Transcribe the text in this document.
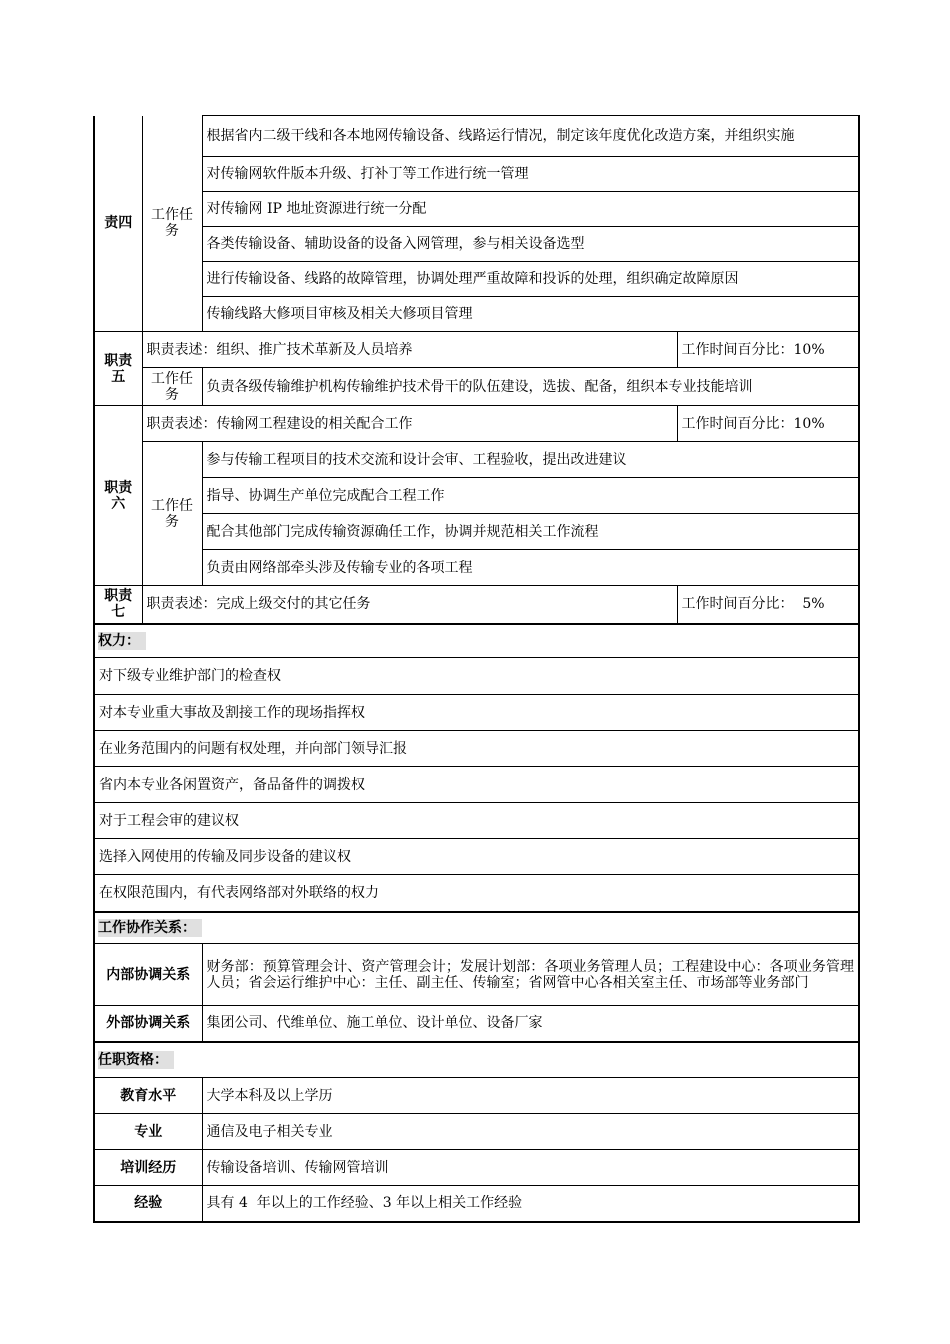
责四	工作任务	根据省内二级干线和各本地网传输设备、线路运行情况，制定该年度优化改造方案，并组织实施	
		对传输网软件版本升级、打补丁等工作进行统一管理	
		对传输网 IP 地址资源进行统一分配	
		各类传输设备、辅助设备的设备入网管理，参与相关设备选型	
		进行传输设备、线路的故障管理，协调处理严重故障和投诉的处理，组织确定故障原因	
		传输线路大修项目审核及相关大修项目管理	
职责五	职责表述：组织、推广技术革新及人员培养		工作时间百分比：10%
	工作任务	负责各级传输维护机构传输维护技术骨干的队伍建设，选拔、配备，组织本专业技能培训	
职责六	职责表述：传输网工程建设的相关配合工作		工作时间百分比：10%
	工作任务	参与传输工程项目的技术交流和设计会审、工程验收，提出改进建议	
		指导、协调生产单位完成配合工程工作	
		配合其他部门完成传输资源确任工作，协调并规范相关工作流程	
		负责由网络部牵头涉及传输专业的各项工程	
职责七	职责表述：完成上级交付的其它任务		工作时间百分比：  5%
权力：			
对下级专业维护部门的检查权			
对本专业重大事故及割接工作的现场指挥权			
在业务范围内的问题有权处理，并向部门领导汇报			
省内本专业各闲置资产，备品备件的调拨权			
对于工程会审的建议权			
选择入网使用的传输及同步设备的建议权			
在权限范围内，有代表网络部对外联络的权力			
工作协作关系：			
内部协调关系		财务部：预算管理会计、资产管理会计；发展计划部：各项业务管理人员；工程建设中心：各项业务管理人员；省会运行维护中心：主任、副主任、传输室；省网管中心各相关室主任、市场部等业务部门	
外部协调关系		集团公司、代维单位、施工单位、设计单位、设备厂家	
任职资格：			
教育水平		大学本科及以上学历	
专业		通信及电子相关专业	
培训经历		传输设备培训、传输网管培训	
经验		具有 4  年以上的工作经验、3 年以上相关工作经验	
